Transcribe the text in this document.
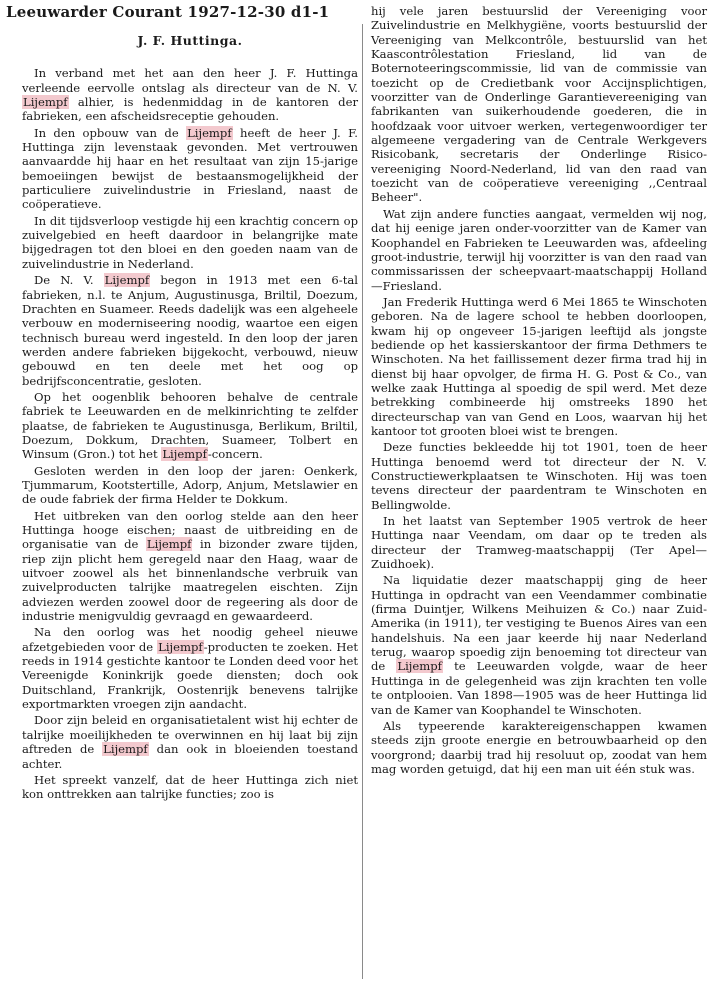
Leeuwarder Courant 1927-12-30 d1-1
J. F. Huttinga.

In verband met het aan den heer J. F. Huttinga verleende eervolle ontslag als directeur van de N. V. Lijempf alhier, is hedenmiddag in de kantoren der fabrieken, een afscheidsreceptie gehouden.

In den opbouw van de Lijempf heeft de heer J. F. Huttinga zijn levenstaak gevonden. Met vertrouwen aanvaardde hij haar en het resultaat van zijn 15-jarige bemoeiingen bewijst de bestaansmogelijkheid der particuliere zuivelindustrie in Friesland, naast de coöperatieve.

In dit tijdsverloop vestigde hij een krachtig concern op zuivelgebied en heeft daardoor in belangrijke mate bijgedragen tot den bloei en den goeden naam van de zuivelindustrie in Nederland.

De N. V. Lijempf begon in 1913 met een 6-tal fabrieken, n.l. te Anjum, Augustinusga, Briltil, Doezum, Drachten en Suameer. Reeds dadelijk was een algeheele verbouw en moderniseering noodig, waartoe een eigen technisch bureau werd ingesteld. In den loop der jaren werden andere fabrieken bijgekocht, verbouwd, nieuw gebouwd en ten deele met het oog op bedrijfsconcentratie, gesloten.

Op het oogenblik behooren behalve de centrale fabriek te Leeuwarden en de melkinrichting te zelfder plaatse, de fabrieken te Augustinusga, Berlikum, Briltil, Doezum, Dokkum, Drachten, Suameer, Tolbert en Winsum (Gron.) tot het Lijempf-concern.

Gesloten werden in den loop der jaren: Oenkerk, Tjummarum, Kootstertille, Adorp, Anjum, Metslawier en de oude fabriek der firma Helder te Dokkum.

Het uitbreken van den oorlog stelde aan den heer Huttinga hooge eischen; naast de uitbreiding en de organisatie van de Lijempf in bizonder zware tijden, riep zijn plicht hem geregeld naar den Haag, waar de uitvoer zoowel als het binnenlandsche verbruik van zuivelproducten talrijke maatregelen eischten. Zijn adviezen werden zoowel door de regeering als door de industrie menigvuldig gevraagd en gewaardeerd.

Na den oorlog was het noodig geheel nieuwe afzetgebieden voor de Lijempf-producten te zoeken. Het reeds in 1914 gestichte kantoor te Londen deed voor het Vereenigde Koninkrijk goede diensten; doch ook Duitschland, Frankrijk, Oostenrijk benevens talrijke exportmarkten vroegen zijn aandacht.

Door zijn beleid en organisatietalent wist hij echter de talrijke moeilijkheden te overwinnen en hij laat bij zijn aftreden de Lijempf dan ook in bloeienden toestand achter.

Het spreekt vanzelf, dat de heer Huttinga zich niet kon onttrekken aan talrijke functies; zoo is

hij vele jaren bestuurslid der Vereeniging voor Zuivelindustrie en Melkhygiëne, voorts bestuurslid der Vereeniging van Melkcontrôle, bestuurslid van het Kaascontrôlestation Friesland, lid van de Boternoteeringscommissie, lid van de commissie van toezicht op de Credietbank voor Accijnsplichtigen, voorzitter van de Onderlinge Garantievereeniging van fabrikanten van suikerhoudende goederen, die in hoofdzaak voor uitvoer werken, vertegenwoordiger ter algemeene vergadering van de Centrale Werkgevers Risicobank, secretaris der Onderlinge Risico-vereeniging Noord-Nederland, lid van den raad van toezicht van de coöperatieve vereeniging ,,Centraal Beheer".

Wat zijn andere functies aangaat, vermelden wij nog, dat hij eenige jaren onder-voorzitter van de Kamer van Koophandel en Fabrieken te Leeuwarden was, afdeeling groot-industrie, terwijl hij voorzitter is van den raad van commissarissen der scheepvaart-maatschappij Holland—Friesland.

Jan Frederik Huttinga werd 6 Mei 1865 te Winschoten geboren. Na de lagere school te hebben doorloopen, kwam hij op ongeveer 15-jarigen leeftijd als jongste bediende op het kassierskantoor der firma Dethmers te Winschoten. Na het faillissement dezer firma trad hij in dienst bij haar opvolger, de firma H. G. Post & Co., van welke zaak Huttinga al spoedig de spil werd. Met deze betrekking combineerde hij omstreeks 1890 het directeurschap van van Gend en Loos, waarvan hij het kantoor tot grooten bloei wist te brengen.

Deze functies bekleedde hij tot 1901, toen de heer Huttinga benoemd werd tot directeur der N. V. Constructiewerkplaatsen te Winschoten. Hij was toen tevens directeur der paardentram te Winschoten en Bellingwolde.

In het laatst van September 1905 vertrok de heer Huttinga naar Veendam, om daar op te treden als directeur der Tramweg-maatschappij (Ter Apel—Zuidhoek).

Na liquidatie dezer maatschappij ging de heer Huttinga in opdracht van een Veendammer combinatie (firma Duintjer, Wilkens Meihuizen & Co.) naar Zuid-Amerika (in 1911), ter vestiging te Buenos Aires van een handelshuis. Na een jaar keerde hij naar Nederland terug, waarop spoedig zijn benoeming tot directeur van de Lijempf te Leeuwarden volgde, waar de heer Huttinga in de gelegenheid was zijn krachten ten volle te ontplooien. Van 1898—1905 was de heer Huttinga lid van de Kamer van Koophandel te Winschoten.

Als typeerende karaktereigenschappen kwamen steeds zijn groote energie en betrouwbaarheid op den voorgrond; daarbij trad hij resoluut op, zoodat van hem mag worden getuigd, dat hij een man uit één stuk was.
